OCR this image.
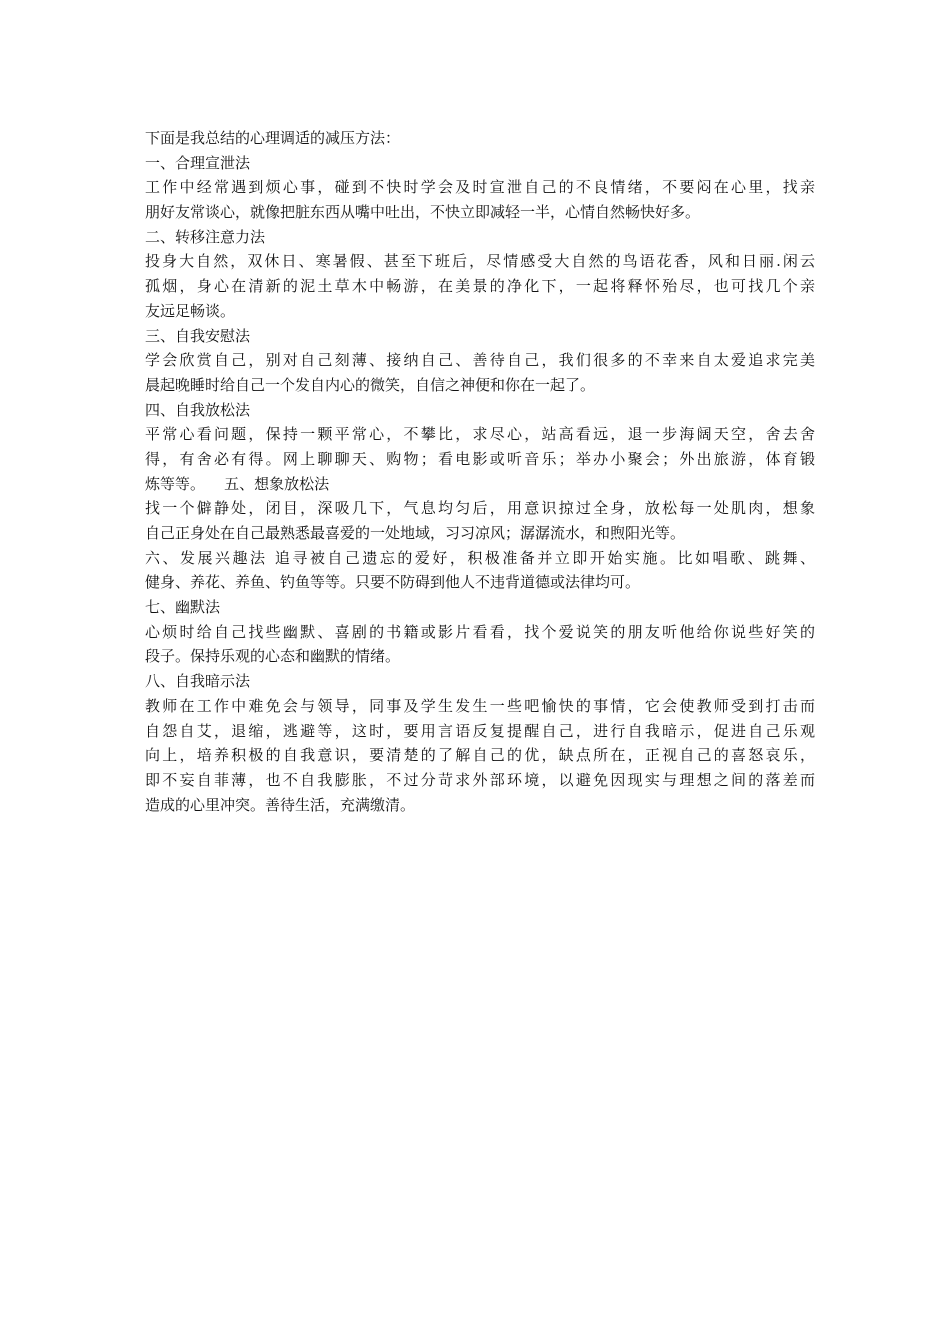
下面是我总结的心理调适的减压方法：
一、合理宣泄法
工作中经常遇到烦心事，碰到不快时学会及时宣泄自己的不良情绪，不要闷在心里，找亲
朋好友常谈心，就像把脏东西从嘴中吐出，不快立即减轻一半，心情自然畅快好多。
二、转移注意力法
投身大自然，双休日、寒暑假、甚至下班后，尽情感受大自然的鸟语花香，风和日丽.闲云
孤烟，身心在清新的泥土草木中畅游，在美景的净化下，一起将释怀殆尽，也可找几个亲
友远足畅谈。
三、自我安慰法
学会欣赏自己，别对自己刻薄、接纳自己、善待自己，我们很多的不幸来自太爱追求完美
晨起晚睡时给自己一个发自内心的微笑，自信之神便和你在一起了。
四、自我放松法
平常心看问题，保持一颗平常心，不攀比，求尽心，站高看远，退一步海阔天空，舍去舍
得，有舍必有得。网上聊聊天、购物；看电影或听音乐；举办小聚会；外出旅游，体育锻
炼等等。    五、想象放松法
找一个僻静处，闭目，深吸几下，气息均匀后，用意识掠过全身，放松每一处肌肉，想象
自己正身处在自己最熟悉最喜爱的一处地域，习习凉风；潺潺流水，和煦阳光等。
六、发展兴趣法 追寻被自己遗忘的爱好，积极准备并立即开始实施。比如唱歌、跳舞、
健身、养花、养鱼、钓鱼等等。只要不防碍到他人不违背道德或法律均可。
七、幽默法
心烦时给自己找些幽默、喜剧的书籍或影片看看，找个爱说笑的朋友听他给你说些好笑的
段子。保持乐观的心态和幽默的情绪。
八、自我暗示法
教师在工作中难免会与领导，同事及学生发生一些吧愉快的事情，它会使教师受到打击而
自怨自艾，退缩，逃避等，这时，要用言语反复提醒自己，进行自我暗示，促进自己乐观
向上，培养积极的自我意识，要清楚的了解自己的优，缺点所在，正视自己的喜怒哀乐，
即不妄自菲薄，也不自我膨胀，不过分苛求外部环境，以避免因现实与理想之间的落差而
造成的心里冲突。善待生活，充满缴清。
